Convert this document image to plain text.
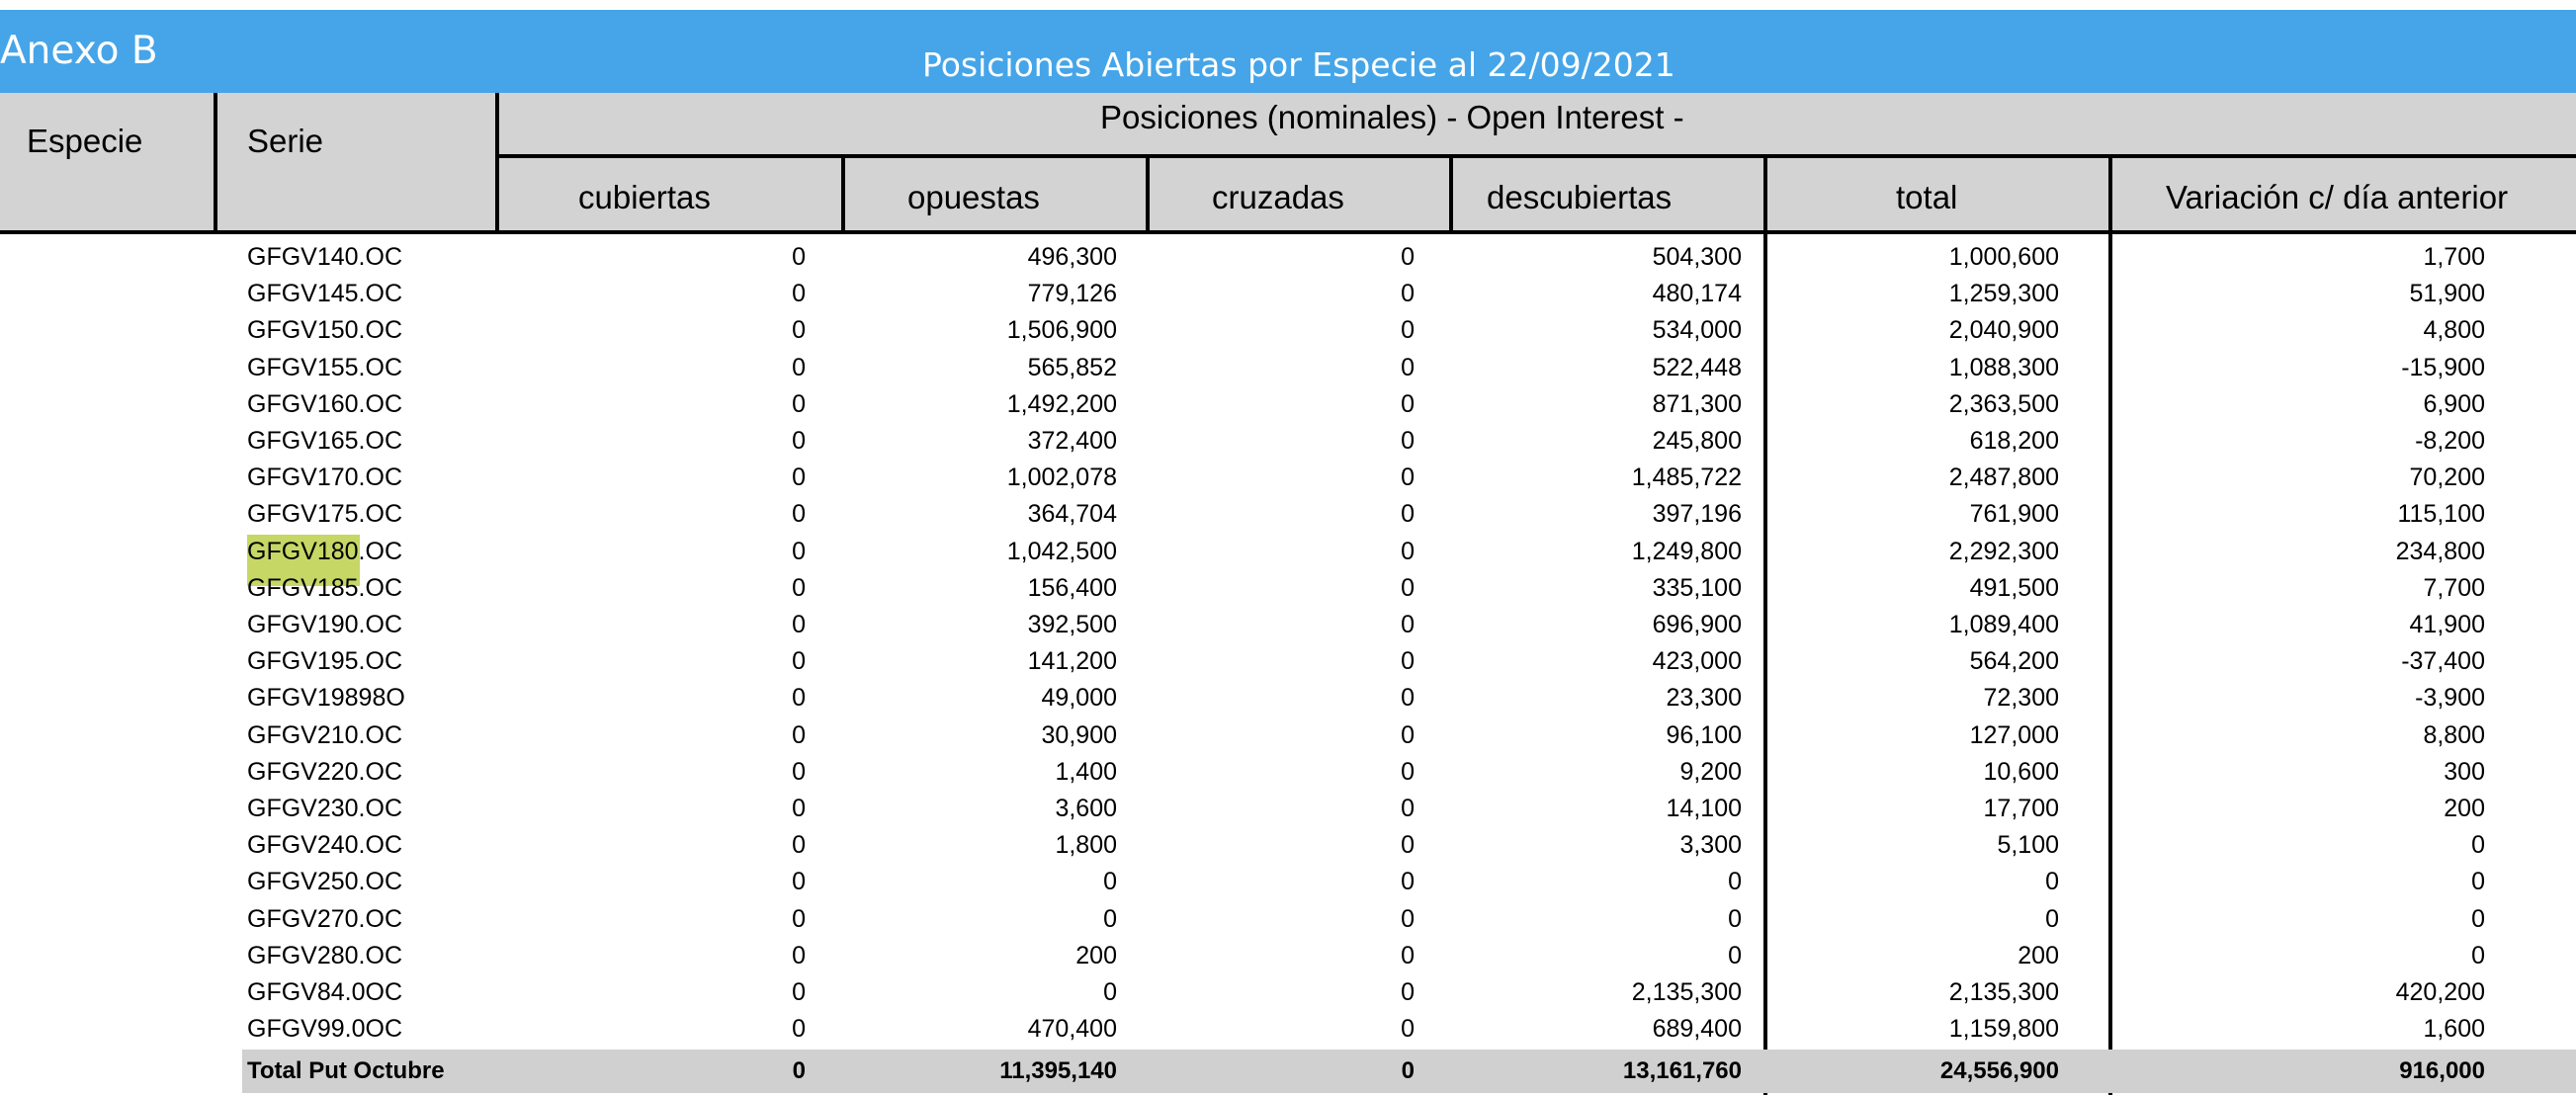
Anexo B	Posiciones Abiertas por Especie al 22/09/2021
Especie	Serie
Posiciones (nominales) - Open Interest -
cubiertas	opuestas	cruzadas	descubiertas	total	Variación c/ día anterior
GFGV140.OC	0	496,300	0	504,300	1,000,600	1,700
GFGV145.OC	0	779,126	0	480,174	1,259,300	51,900
GFGV150.OC	0	1,506,900	0	534,000	2,040,900	4,800
GFGV155.OC	0	565,852	0	522,448	1,088,300	-15,900
GFGV160.OC	0	1,492,200	0	871,300	2,363,500	6,900
GFGV165.OC	0	372,400	0	245,800	618,200	-8,200
GFGV170.OC	0	1,002,078	0	1,485,722	2,487,800	70,200
GFGV175.OC	0	364,704	0	397,196	761,900	115,100
GFGV180.OC	0	1,042,500	0	1,249,800	2,292,300	234,800
GFGV185.OC	0	156,400	0	335,100	491,500	7,700
GFGV190.OC	0	392,500	0	696,900	1,089,400	41,900
GFGV195.OC	0	141,200	0	423,000	564,200	-37,400
GFGV19898O	0	49,000	0	23,300	72,300	-3,900
GFGV210.OC	0	30,900	0	96,100	127,000	8,800
GFGV220.OC	0	1,400	0	9,200	10,600	300
GFGV230.OC	0	3,600	0	14,100	17,700	200
GFGV240.OC	0	1,800	0	3,300	5,100	0
GFGV250.OC	0	0	0	0	0	0
GFGV270.OC	0	0	0	0	0	0
GFGV280.OC	0	200	0	0	200	0
GFGV84.0OC	0	0	0	2,135,300	2,135,300	420,200
GFGV99.0OC	0	470,400	0	689,400	1,159,800	1,600
Total Put Octubre	0	11,395,140	0	13,161,760	24,556,900	916,000
